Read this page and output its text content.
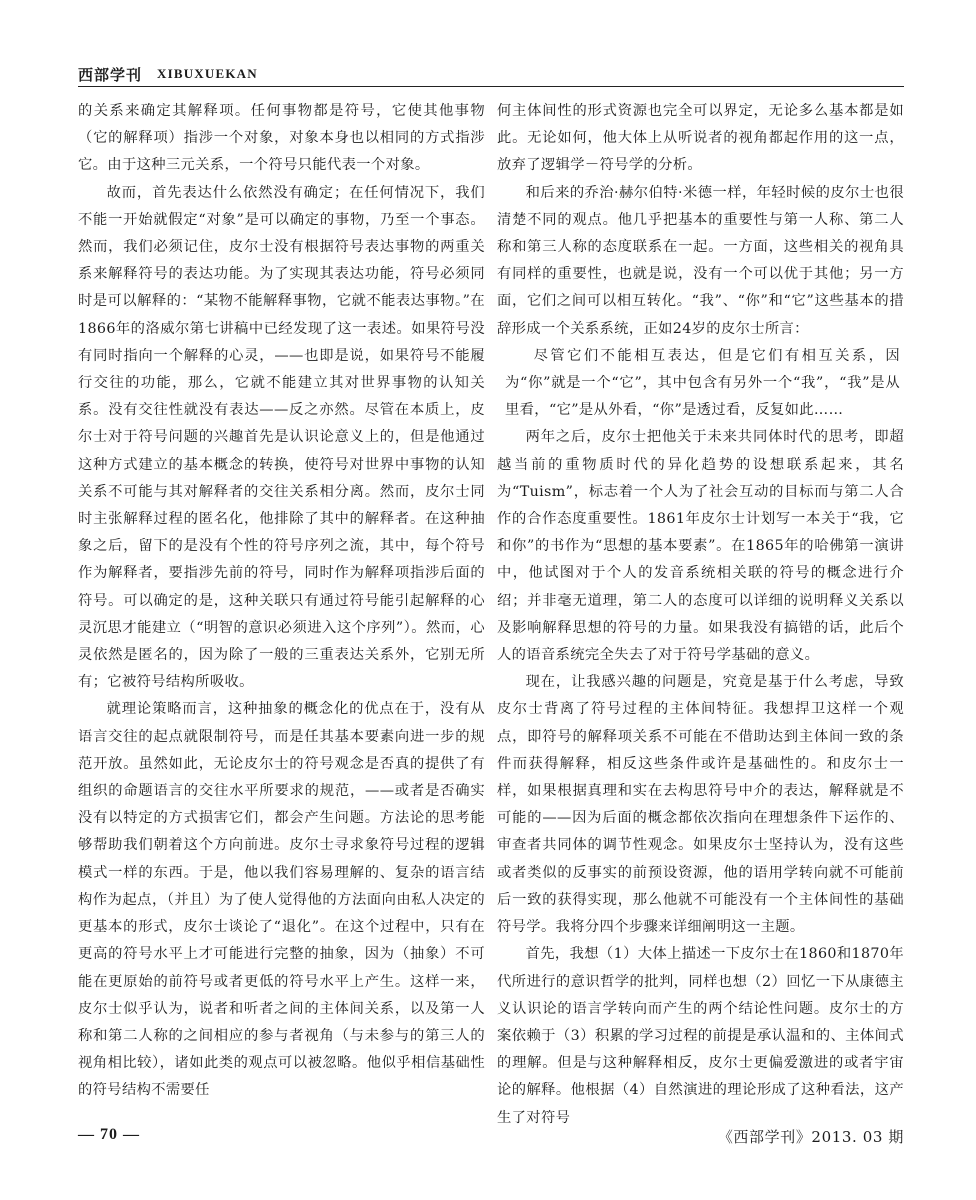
西部学刊 XIBUXUEKAN

的关系来确定其解释项。任何事物都是符号，它使其他事物（它的解释项）指涉一个对象，对象本身也以相同的方式指涉它。由于这种三元关系，一个符号只能代表一个对象。

故而，首先表达什么依然没有确定；在任何情况下，我们不能一开始就假定“对象”是可以确定的事物，乃至一个事态。然而，我们必须记住，皮尔士没有根据符号表达事物的两重关系来解释符号的表达功能。为了实现其表达功能，符号必须同时是可以解释的：“某物不能解释事物，它就不能表达事物。”在1866年的洛威尔第七讲稿中已经发现了这一表述。如果符号没有同时指向一个解释的心灵，——也即是说，如果符号不能履行交往的功能，那么，它就不能建立其对世界事物的认知关系。没有交往性就没有表达——反之亦然。尽管在本质上，皮尔士对于符号问题的兴趣首先是认识论意义上的，但是他通过这种方式建立的基本概念的转换，使符号对世界中事物的认知关系不可能与其对解释者的交往关系相分离。然而，皮尔士同时主张解释过程的匿名化，他排除了其中的解释者。在这种抽象之后，留下的是没有个性的符号序列之流，其中，每个符号作为解释者，要指涉先前的符号，同时作为解释项指涉后面的符号。可以确定的是，这种关联只有通过符号能引起解释的心灵沉思才能建立（“明智的意识必须进入这个序列”）。然而，心灵依然是匿名的，因为除了一般的三重表达关系外，它别无所有；它被符号结构所吸收。

就理论策略而言，这种抽象的概念化的优点在于，没有从语言交往的起点就限制符号，而是任其基本要素向进一步的规范开放。虽然如此，无论皮尔士的符号观念是否真的提供了有组织的命题语言的交往水平所要求的规范，——或者是否确实没有以特定的方式损害它们，都会产生问题。方法论的思考能够帮助我们朝着这个方向前进。皮尔士寻求象符号过程的逻辑模式一样的东西。于是，他以我们容易理解的、复杂的语言结构作为起点，（并且）为了使人觉得他的方法面向由私人决定的更基本的形式，皮尔士谈论了“退化”。在这个过程中，只有在更高的符号水平上才可能进行完整的抽象，因为（抽象）不可能在更原始的前符号或者更低的符号水平上产生。这样一来，皮尔士似乎认为，说者和听者之间的主体间关系，以及第一人称和第二人称的之间相应的参与者视角（与未参与的第三人的视角相比较），诸如此类的观点可以被忽略。他似乎相信基础性的符号结构不需要任

何主体间性的形式资源也完全可以界定，无论多么基本都是如此。无论如何，他大体上从听说者的视角都起作用的这一点，放弃了逻辑学－符号学的分析。

和后来的乔治·赫尔伯特·米德一样，年轻时候的皮尔士也很清楚不同的观点。他几乎把基本的重要性与第一人称、第二人称和第三人称的态度联系在一起。一方面，这些相关的视角具有同样的重要性，也就是说，没有一个可以优于其他；另一方面，它们之间可以相互转化。“我”、“你”和“它”这些基本的措辞形成一个关系系统，正如24岁的皮尔士所言：

尽管它们不能相互表达，但是它们有相互关系，因为“你”就是一个“它”，其中包含有另外一个“我”，“我”是从里看，“它”是从外看，“你”是透过看，反复如此……

两年之后，皮尔士把他关于未来共同体时代的思考，即超越当前的重物质时代的异化趋势的设想联系起来，其名为“Tuism”，标志着一个人为了社会互动的目标而与第二人合作的合作态度重要性。1861年皮尔士计划写一本关于“我，它和你”的书作为“思想的基本要素”。在1865年的哈佛第一演讲中，他试图对于个人的发音系统相关联的符号的概念进行介绍；并非毫无道理，第二人的态度可以详细的说明释义关系以及影响解释思想的符号的力量。如果我没有搞错的话，此后个人的语音系统完全失去了对于符号学基础的意义。

现在，让我感兴趣的问题是，究竟是基于什么考虑，导致皮尔士背离了符号过程的主体间特征。我想捍卫这样一个观点，即符号的解释项关系不可能在不借助达到主体间一致的条件而获得解释，相反这些条件或许是基础性的。和皮尔士一样，如果根据真理和实在去构思符号中介的表达，解释就是不可能的——因为后面的概念都依次指向在理想条件下运作的、审查者共同体的调节性观念。如果皮尔士坚持认为，没有这些或者类似的反事实的前预设资源，他的语用学转向就不可能前后一致的获得实现，那么他就不可能没有一个主体间性的基础符号学。我将分四个步骤来详细阐明这一主题。

首先，我想（1）大体上描述一下皮尔士在1860和1870年代所进行的意识哲学的批判，同样也想（2）回忆一下从康德主义认识论的语言学转向而产生的两个结论性问题。皮尔士的方案依赖于（3）积累的学习过程的前提是承认温和的、主体间式的理解。但是与这种解释相反，皮尔士更偏爱激进的或者宇宙论的解释。他根据（4）自然演进的理论形成了这种看法，这产生了对符号

— 70 —	《西部学刊》2013. 03 期
